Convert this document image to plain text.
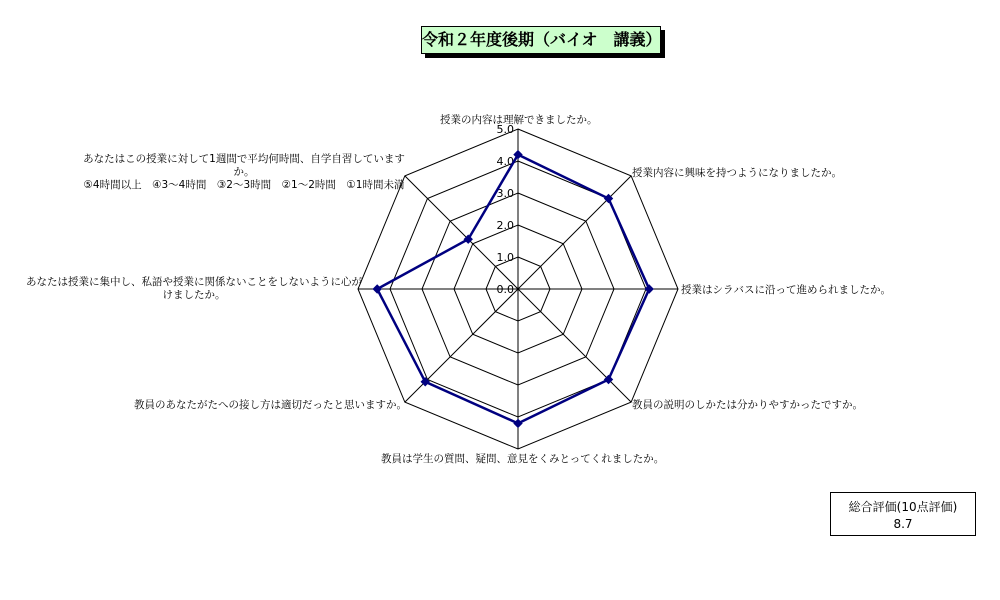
令和２年度後期（バイオ　講義）
0.0
1.0
2.0
3.0
4.0
5.0
授業の内容は理解できましたか。
授業内容に興味を持つようになりましたか。
授業はシラバスに沿って進められましたか。
教員の説明のしかたは分かりやすかったですか。
教員は学生の質問、疑問、意見をくみとってくれましたか。
教員のあなたがたへの接し方は適切だったと思いますか。
あなたは授業に集中し、私語や授業に関係ないことをしないように心が
けましたか。
あなたはこの授業に対して1週間で平均何時間、自学自習しています
か。
⑤4時間以上　④3～4時間　③2～3時間　②1～2時間　①1時間未満
総合評価(10点評価)
8.7
